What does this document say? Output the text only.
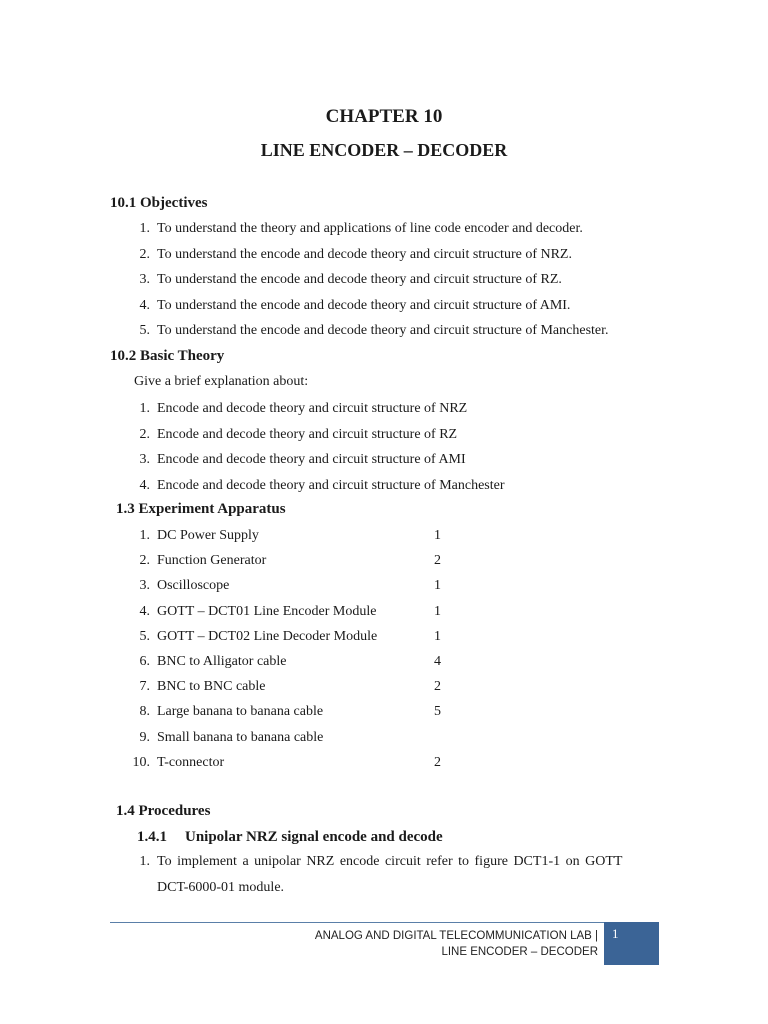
CHAPTER 10
LINE ENCODER – DECODER
10.1 Objectives
1. To understand the theory and applications of line code encoder and decoder.
2. To understand the encode and decode theory and circuit structure of NRZ.
3. To understand the encode and decode theory and circuit structure of RZ.
4. To understand the encode and decode theory and circuit structure of AMI.
5. To understand the encode and decode theory and circuit structure of Manchester.
10.2 Basic Theory
Give a brief explanation about:
1. Encode and decode theory and circuit structure of NRZ
2. Encode and decode theory and circuit structure of RZ
3. Encode and decode theory and circuit structure of AMI
4. Encode and decode theory and circuit structure of Manchester
1.3 Experiment Apparatus
1. DC Power Supply	1
2. Function Generator	2
3. Oscilloscope	1
4. GOTT – DCT01 Line Encoder Module	1
5. GOTT – DCT02 Line Decoder Module	1
6. BNC to Alligator cable	4
7. BNC to BNC cable	2
8. Large banana to banana cable	5
9. Small banana to banana cable
10. T-connector	2
1.4 Procedures
1.4.1 Unipolar NRZ signal encode and decode
1. To implement a unipolar NRZ encode circuit refer to figure DCT1-1 on GOTT
DCT-6000-01 module.
ANALOG AND DIGITAL TELECOMMUNICATION LAB |
LINE ENCODER – DECODER
1
